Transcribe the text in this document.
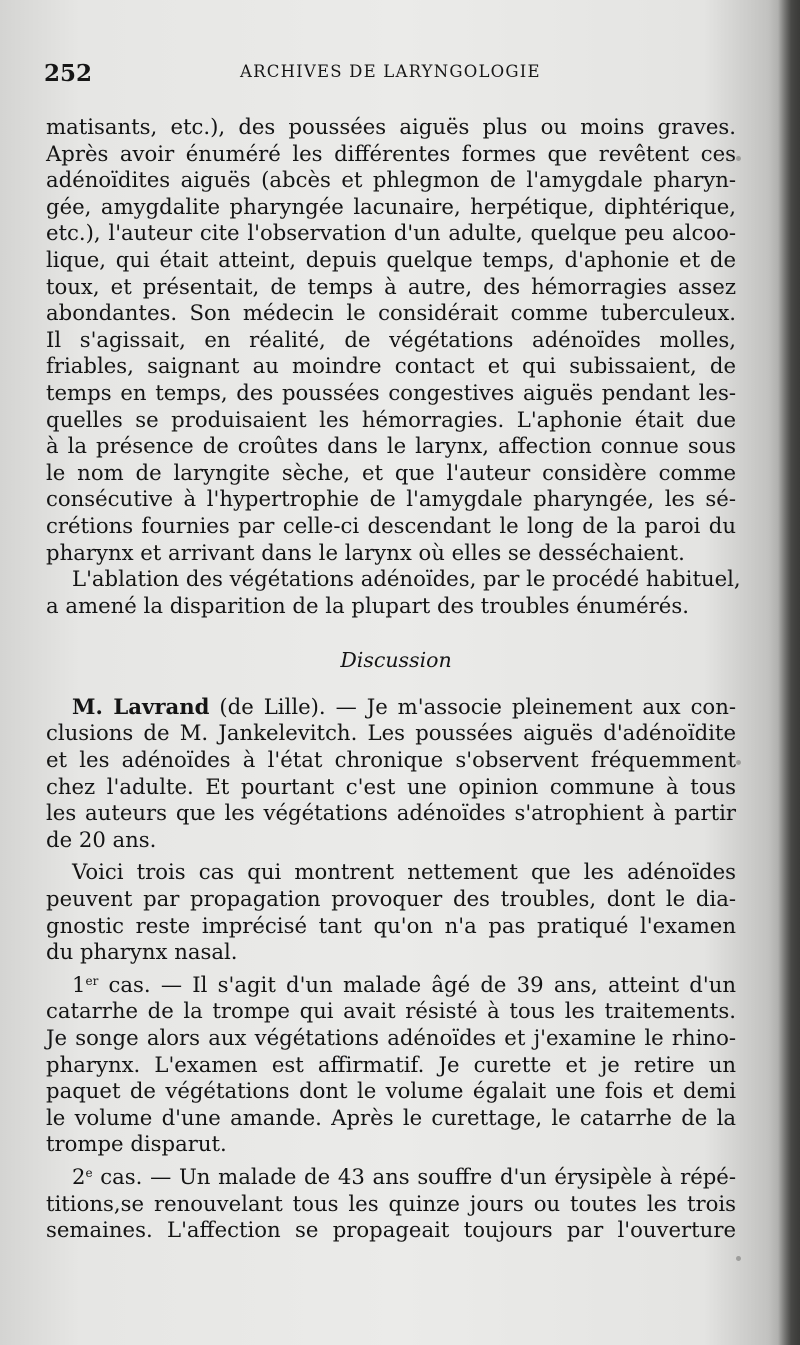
252	ARCHIVES DE LARYNGOLOGIE
matisants, etc.), des poussées aiguës plus ou moins graves.
Après avoir énuméré les différentes formes que revêtent ces
adénoïdites aiguës (abcès et phlegmon de l'amygdale pharyn-
gée, amygdalite pharyngée lacunaire, herpétique, diphtérique,
etc.), l'auteur cite l'observation d'un adulte, quelque peu alcoo-
lique, qui était atteint, depuis quelque temps, d'aphonie et de
toux, et présentait, de temps à autre, des hémorragies assez
abondantes. Son médecin le considérait comme tuberculeux.
Il s'agissait, en réalité, de végétations adénoïdes molles,
friables, saignant au moindre contact et qui subissaient, de
temps en temps, des poussées congestives aiguës pendant les-
quelles se produisaient les hémorragies. L'aphonie était due
à la présence de croûtes dans le larynx, affection connue sous
le nom de laryngite sèche, et que l'auteur considère comme
consécutive à l'hypertrophie de l'amygdale pharyngée, les sé-
crétions fournies par celle-ci descendant le long de la paroi du
pharynx et arrivant dans le larynx où elles se desséchaient.
L'ablation des végétations adénoïdes, par le procédé habituel,
a amené la disparition de la plupart des troubles énumérés.
Discussion
M. Lavrand (de Lille). — Je m'associe pleinement aux con-
clusions de M. Jankelevitch. Les poussées aiguës d'adénoïdite
et les adénoïdes à l'état chronique s'observent fréquemment
chez l'adulte. Et pourtant c'est une opinion commune à tous
les auteurs que les végétations adénoïdes s'atrophient à partir
de 20 ans.
Voici trois cas qui montrent nettement que les adénoïdes
peuvent par propagation provoquer des troubles, dont le dia-
gnostic reste imprécisé tant qu'on n'a pas pratiqué l'examen
du pharynx nasal.
1er cas. — Il s'agit d'un malade âgé de 39 ans, atteint d'un
catarrhe de la trompe qui avait résisté à tous les traitements.
Je songe alors aux végétations adénoïdes et j'examine le rhino-
pharynx. L'examen est affirmatif. Je curette et je retire un
paquet de végétations dont le volume égalait une fois et demi
le volume d'une amande. Après le curettage, le catarrhe de la
trompe disparut.
2e cas. — Un malade de 43 ans souffre d'un érysipèle à répé-
titions,se renouvelant tous les quinze jours ou toutes les trois
semaines. L'affection se propageait toujours par l'ouverture
